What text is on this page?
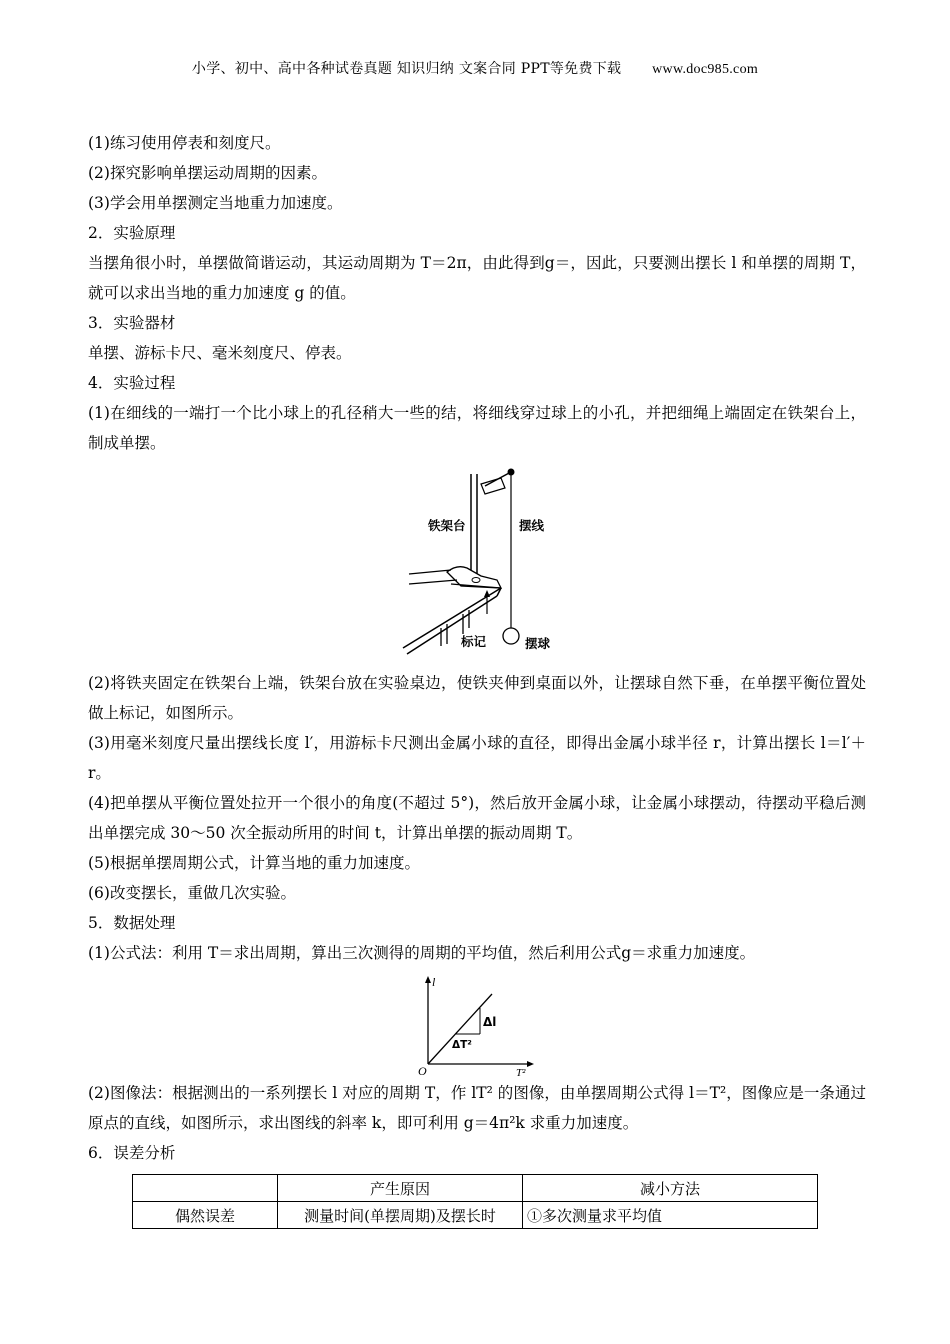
小学、初中、高中各种试卷真题 知识归纳 文案合同 PPT等免费下载 www.doc985.com

(1)练习使用停表和刻度尺。

(2)探究影响单摆运动周期的因素。

(3)学会用单摆测定当地重力加速度。

2．实验原理

当摆角很小时，单摆做简谐运动，其运动周期为 T＝2π，由此得到g＝，因此，只要测出摆长 l 和单摆的周期 T，就可以求出当地的重力加速度 g 的值。

3．实验器材

单摆、游标卡尺、毫米刻度尺、停表。

4．实验过程

(1)在细线的一端打一个比小球上的孔径稍大一些的结，将细线穿过球上的小孔，并把细绳上端固定在铁架台上，制成单摆。

铁架台	摆线
标记	摆球

(2)将铁夹固定在铁架台上端，铁架台放在实验桌边，使铁夹伸到桌面以外，让摆球自然下垂，在单摆平衡位置处做上标记，如图所示。

(3)用毫米刻度尺量出摆线长度 l′，用游标卡尺测出金属小球的直径，即得出金属小球半径 r，计算出摆长 l＝l′＋r。

(4)把单摆从平衡位置处拉开一个很小的角度(不超过 5°)，然后放开金属小球，让金属小球摆动，待摆动平稳后测出单摆完成 30～50 次全振动所用的时间 t，计算出单摆的振动周期 T。

(5)根据单摆周期公式，计算当地的重力加速度。

(6)改变摆长，重做几次实验。

5．数据处理

(1)公式法：利用 T＝求出周期，算出三次测得的周期的平均值，然后利用公式g＝求重力加速度。

l
T²
O
Δl
ΔT²

(2)图像法：根据测出的一系列摆长 l 对应的周期 T，作 lT² 的图像，由单摆周期公式得 l＝T²，图像应是一条通过原点的直线，如图所示，求出图线的斜率 k，即可利用 g＝4π²k 求重力加速度。

6．误差分析

	产生原因	减小方法
偶然误差	测量时间(单摆周期)及摆长时	①多次测量求平均值
